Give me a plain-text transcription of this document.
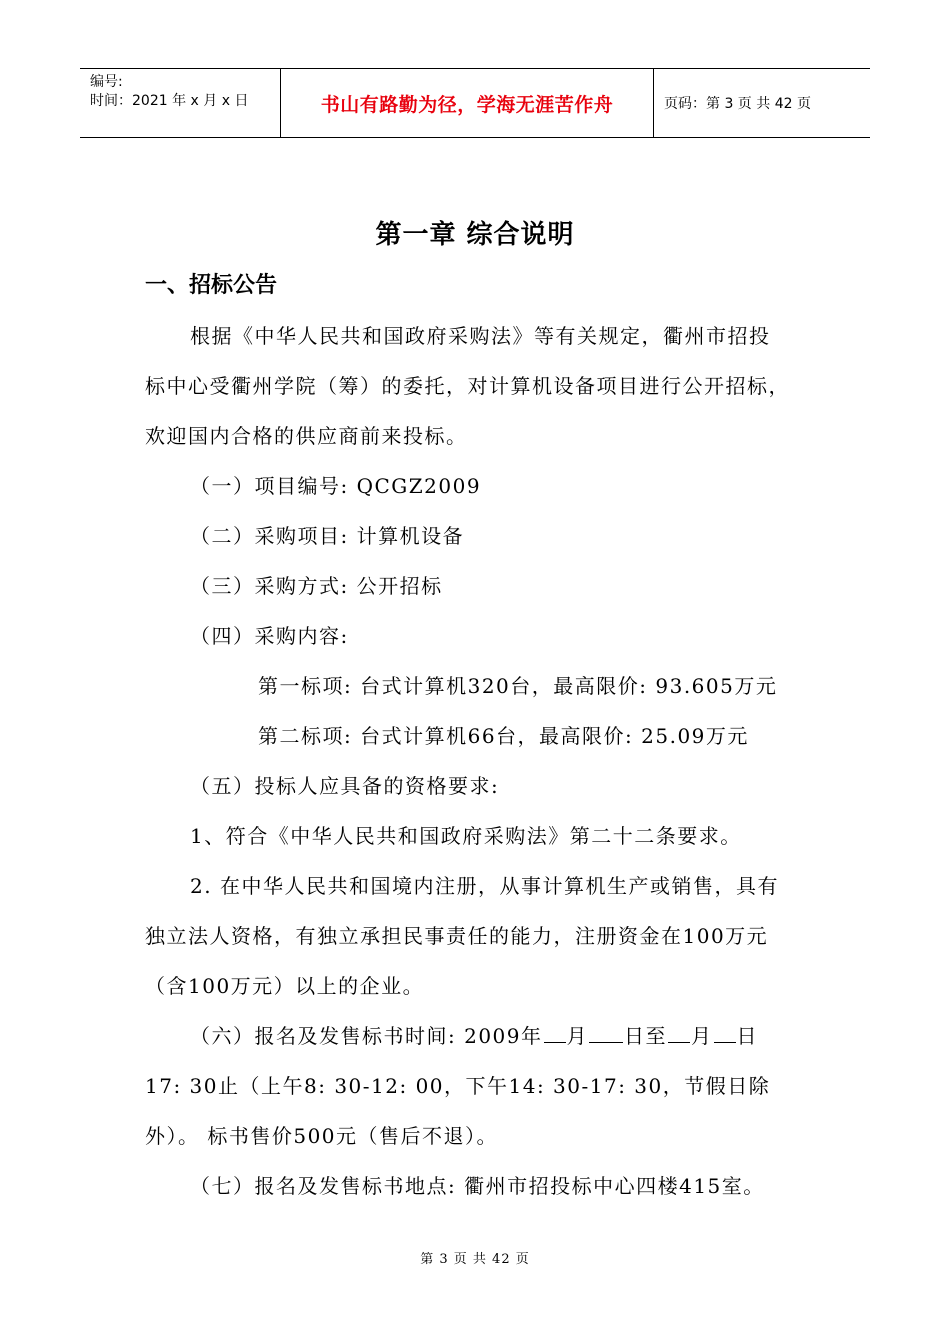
编号:
时间：2021 年 x 月 x 日	书山有路勤为径，学海无涯苦作舟	页码：第 3 页 共 42 页
第一章 综合说明
一、招标公告
根据《中华人民共和国政府采购法》等有关规定，衢州市招投
标中心受衢州学院（筹）的委托，对计算机设备项目进行公开招标，
欢迎国内合格的供应商前来投标。
（一）项目编号: QCGZ2009
（二）采购项目: 计算机设备
（三）采购方式: 公开招标
（四）采购内容:
第一标项: 台式计算机320台，最高限价: 93.605万元
第二标项: 台式计算机66台，最高限价: 25.09万元
（五）投标人应具备的资格要求:
1、符合《中华人民共和国政府采购法》第二十二条要求。
2. 在中华人民共和国境内注册，从事计算机生产或销售，具有
独立法人资格，有独立承担民事责任的能力，注册资金在100万元
（含100万元）以上的企业。
（六）报名及发售标书时间: 2009年 月 日至 月 日
17: 30止（上午8: 30-12: 00，下午14: 30-17: 30，节假日除
外）。 标书售价500元（售后不退）。
（七）报名及发售标书地点: 衢州市招投标中心四楼415室。
第 3 页 共 42 页
